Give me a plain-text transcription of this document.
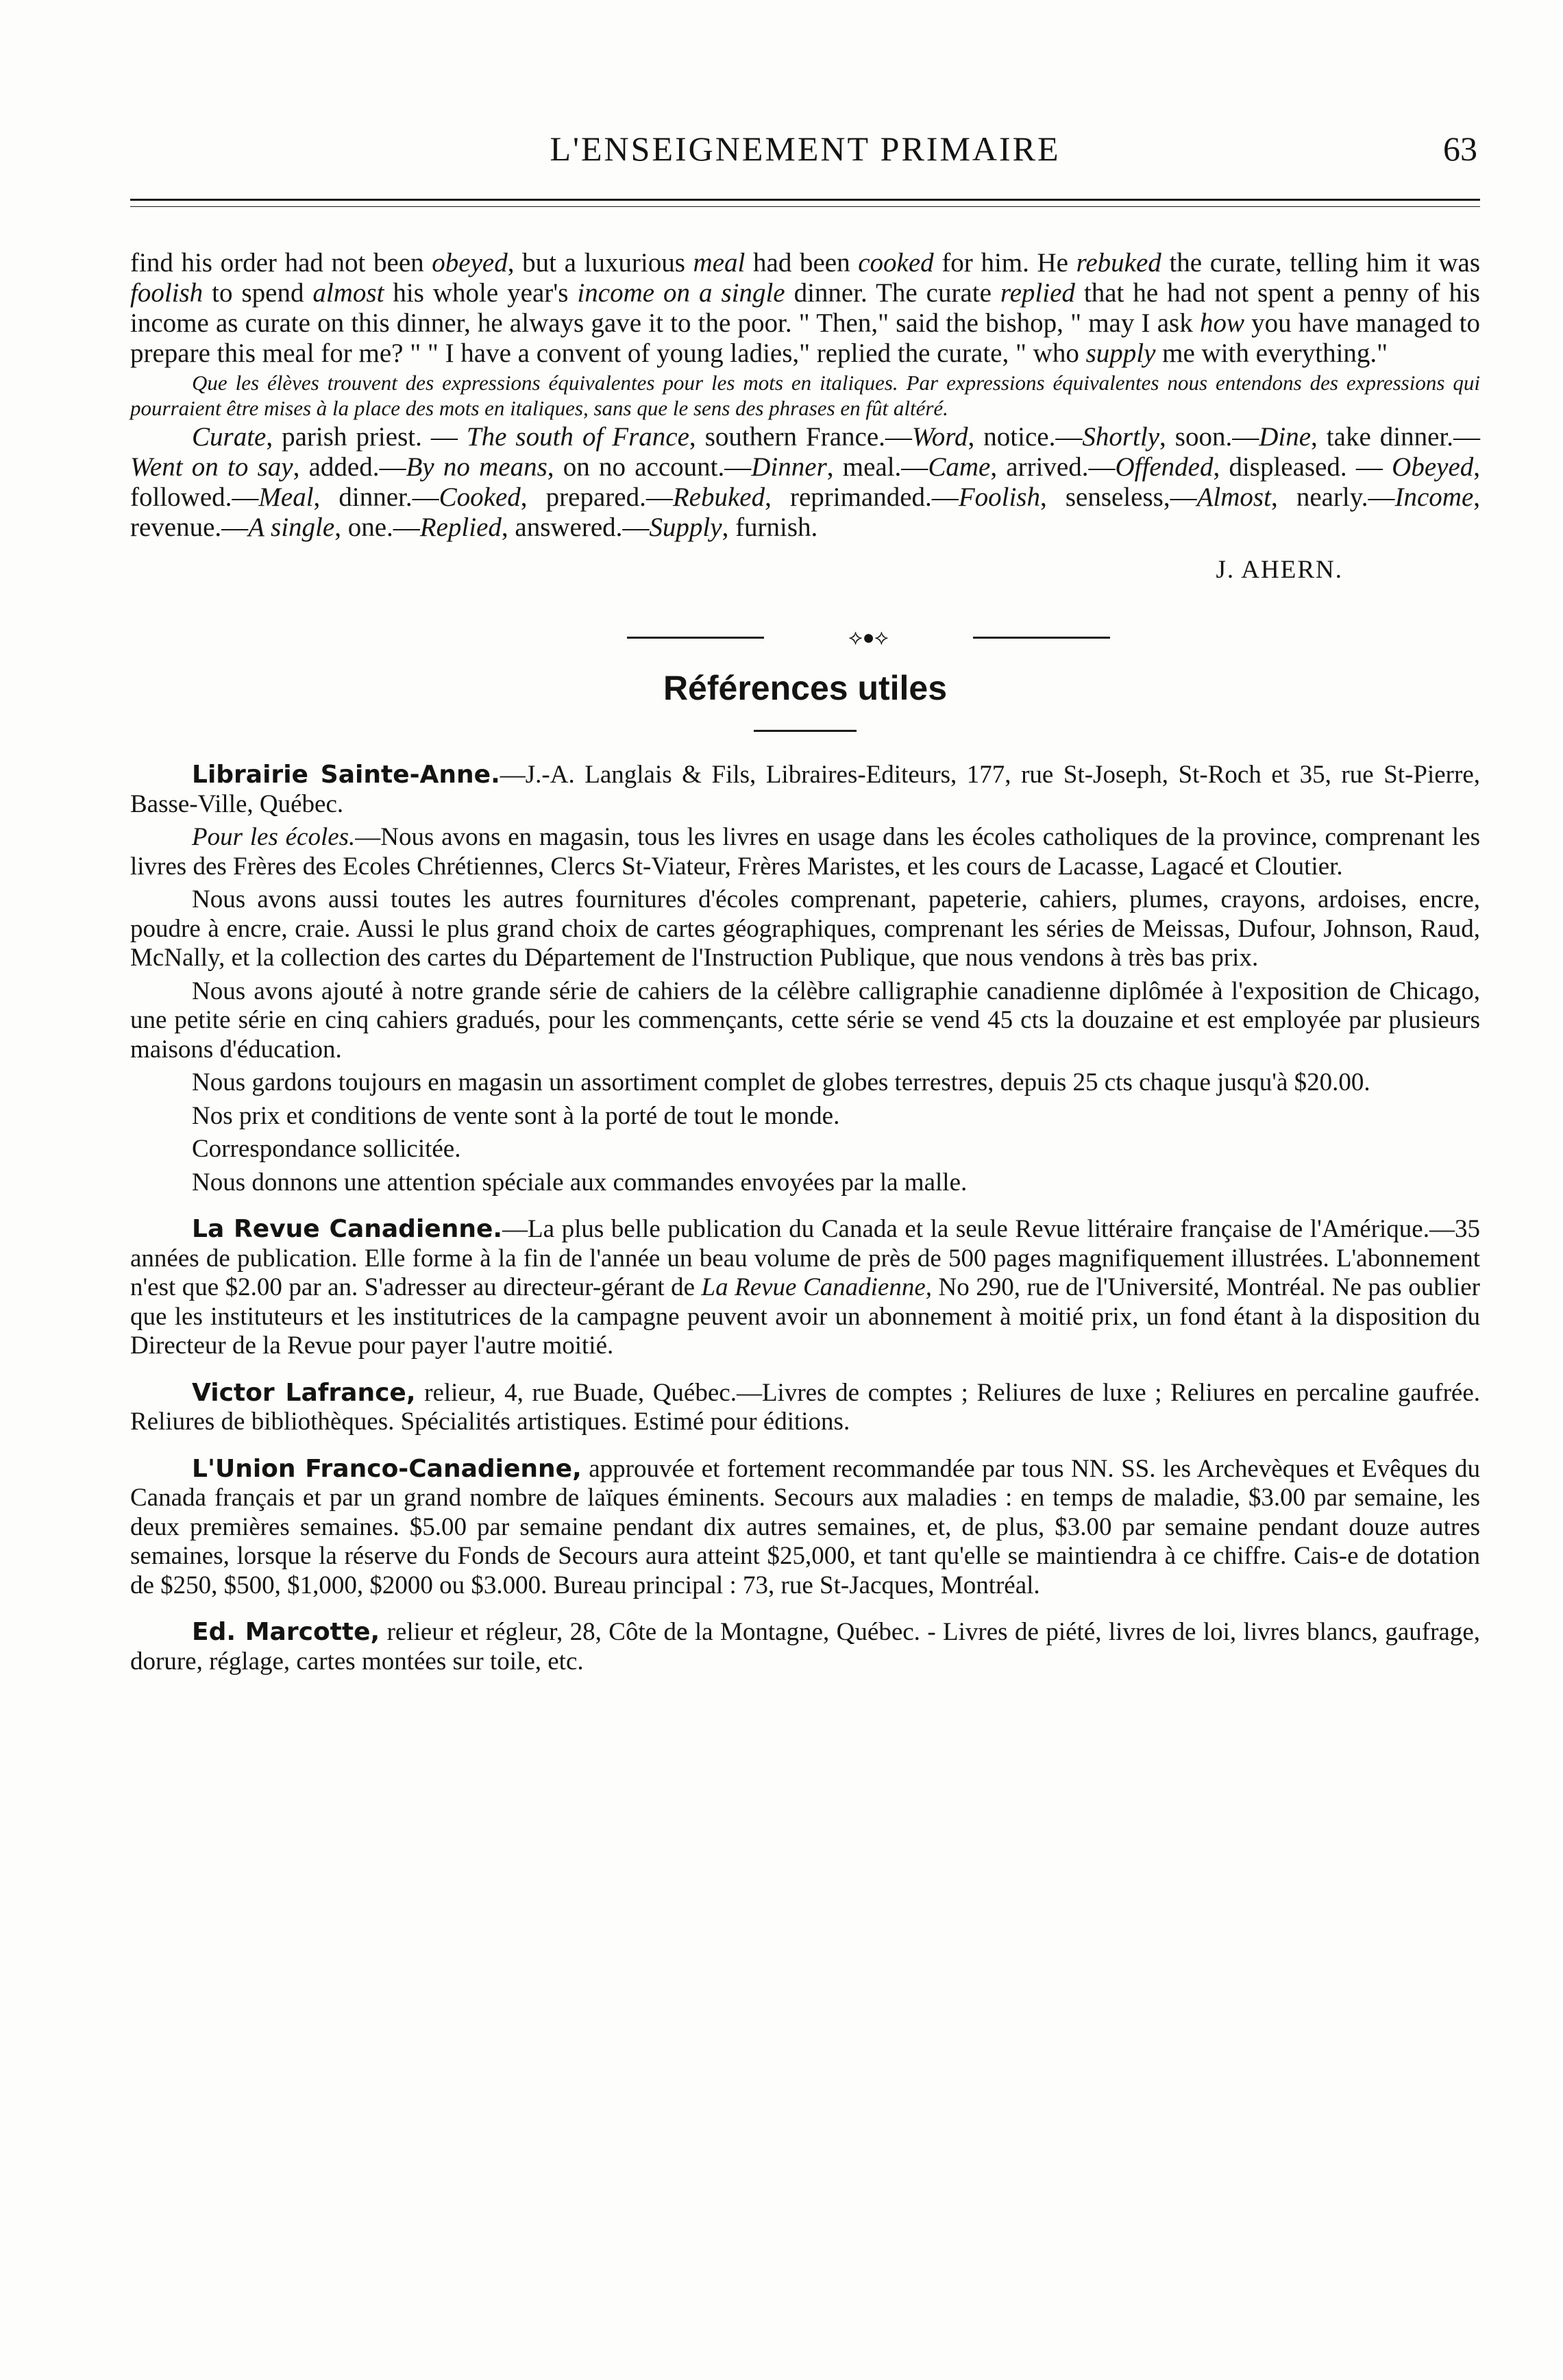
L'ENSEIGNEMENT PRIMAIRE	63

find his order had not been obeyed, but a luxurious meal had been cooked for him. He rebuked the curate, telling him it was foolish to spend almost his whole year's income on a single dinner. The curate replied that he had not spent a penny of his income as curate on this dinner, he always gave it to the poor. " Then," said the bishop, " may I ask how you have managed to prepare this meal for me? " " I have a convent of young ladies," replied the curate, " who supply me with everything."

Que les élèves trouvent des expressions équivalentes pour les mots en italiques. Par expressions équivalentes nous entendons des expressions qui pourraient être mises à la place des mots en italiques, sans que le sens des phrases en fût altéré.

Curate, parish priest. — The south of France, southern France.—Word, notice.—Shortly, soon.—Dine, take dinner.—Went on to say, added.—By no means, on no account.—Dinner, meal.—Came, arrived.—Offended, displeased. — Obeyed, followed.—Meal, dinner.—Cooked, prepared.—Rebuked, reprimanded.—Foolish, senseless,—Almost, nearly.—Income, revenue.—A single, one.—Replied, answered.—Supply, furnish.

J. AHERN.

⟡●⟡
Références utiles

Librairie Sainte-Anne.—J.-A. Langlais & Fils, Libraires-Editeurs, 177, rue St-Joseph, St-Roch et 35, rue St-Pierre, Basse-Ville, Québec.

Pour les écoles.—Nous avons en magasin, tous les livres en usage dans les écoles catholiques de la province, comprenant les livres des Frères des Ecoles Chrétiennes, Clercs St-Viateur, Frères Maristes, et les cours de Lacasse, Lagacé et Cloutier.

Nous avons aussi toutes les autres fournitures d'écoles comprenant, papeterie, cahiers, plumes, crayons, ardoises, encre, poudre à encre, craie. Aussi le plus grand choix de cartes géographiques, comprenant les séries de Meissas, Dufour, Johnson, Raud, McNally, et la collection des cartes du Département de l'Instruction Publique, que nous vendons à très bas prix.

Nous avons ajouté à notre grande série de cahiers de la célèbre calligraphie canadienne diplômée à l'exposition de Chicago, une petite série en cinq cahiers gradués, pour les commençants, cette série se vend 45 cts la douzaine et est employée par plusieurs maisons d'éducation.

Nous gardons toujours en magasin un assortiment complet de globes terrestres, depuis 25 cts chaque jusqu'à $20.00.

Nos prix et conditions de vente sont à la porté de tout le monde.

Correspondance sollicitée.

Nous donnons une attention spéciale aux commandes envoyées par la malle.

La Revue Canadienne.—La plus belle publication du Canada et la seule Revue littéraire française de l'Amérique.—35 années de publication. Elle forme à la fin de l'année un beau volume de près de 500 pages magnifiquement illustrées. L'abonnement n'est que $2.00 par an. S'adresser au directeur-gérant de La Revue Canadienne, No 290, rue de l'Université, Montréal. Ne pas oublier que les instituteurs et les institutrices de la campagne peuvent avoir un abonnement à moitié prix, un fond étant à la disposition du Directeur de la Revue pour payer l'autre moitié.

Victor Lafrance, relieur, 4, rue Buade, Québec.—Livres de comptes ; Reliures de luxe ; Reliures en percaline gaufrée. Reliures de bibliothèques. Spécialités artistiques. Estimé pour éditions.

L'Union Franco-Canadienne, approuvée et fortement recommandée par tous NN. SS. les Archevèques et Evêques du Canada français et par un grand nombre de laïques éminents. Secours aux maladies : en temps de maladie, $3.00 par semaine, les deux premières semaines. $5.00 par semaine pendant dix autres semaines, et, de plus, $3.00 par semaine pendant douze autres semaines, lorsque la réserve du Fonds de Secours aura atteint $25,000, et tant qu'elle se maintiendra à ce chiffre. Cais-e de dotation de $250, $500, $1,000, $2000 ou $3.000. Bureau principal : 73, rue St-Jacques, Montréal.

Ed. Marcotte, relieur et régleur, 28, Côte de la Montagne, Québec. - Livres de piété, livres de loi, livres blancs, gaufrage, dorure, réglage, cartes montées sur toile, etc.
